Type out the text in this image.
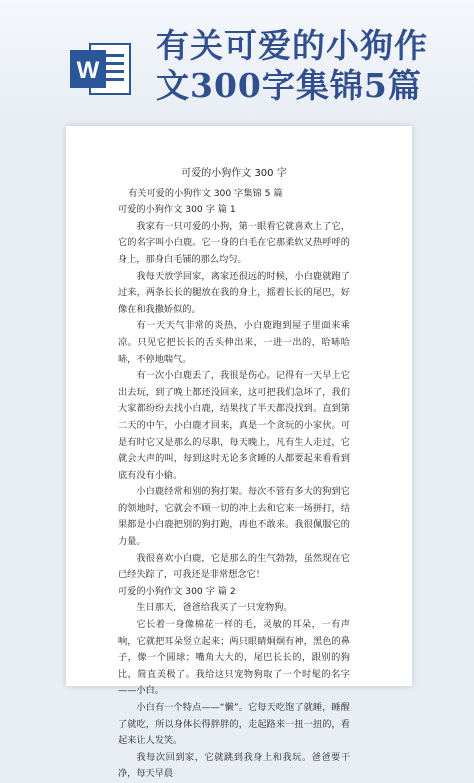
W
有关可爱的小狗作
文300字集锦5篇
可爱的小狗作文 300 字

有关可爱的小狗作文 300 字集锦 5 篇

可爱的小狗作文 300 字 篇 1

我家有一只可爱的小狗，第一眼看它就喜欢上了它，它的名字叫小白鹿。它一身的白毛在它那柔软又热呼呼的身上，那身白毛铺的那么均匀。

我每天放学回家，离家还很远的时候，小白鹿就跑了过来，两条长长的腿放在我的身上，摇着长长的尾巴，好像在和我撒娇似的。

有一天天气非常的炎热，小白鹿跑到屋子里面来乘凉。只见它把长长的舌头伸出来，一进一出的，哈哧哈哧，不停地喘气。

有一次小白鹿丢了，我很是伤心。记得有一天早上它出去玩，到了晚上都还没回来，这可把我们急坏了，我们大家都纷纷去找小白鹿，结果找了半天都没找到。直到第二天的中午，小白鹿才回来，真是一个贪玩的小家伙。可是有时它又是那么的尽职，每天晚上，凡有生人走过，它就会大声的叫，每到这时无论多贪睡的人都要起来看看到底有没有小偷。

小白鹿经常和别的狗打架。每次不管有多大的狗到它的领地时，它就会不顾一切的冲上去和它来一场拼打，结果都是小白鹿把别的狗打跑，再也不敢来。我很佩服它的力量。

我很喜欢小白鹿，它是那么的生气勃勃，虽然现在它已经失踪了，可我还是非常想念它！

可爱的小狗作文 300 字 篇 2

生日那天，爸爸给我买了一只宠物狗。

它长着一身像棉花一样的毛，灵敏的耳朵，一有声响，它就把耳朵竖立起来；两只眼睛炯炯有神，黑色的鼻子，像一个圆球；嘴角大大的，尾巴长长的，跟别的狗比，简直美极了。我给这只宠物狗取了一个时髦的名字——小白。

小白有一个特点——“懒”。它每天吃饱了就睡，睡醒了就吃，所以身体长得胖胖的，走起路来一扭一扭的，看起来让人发笑。

我每次回到家，它就跳到我身上和我玩。爸爸要干净，每天早晨
